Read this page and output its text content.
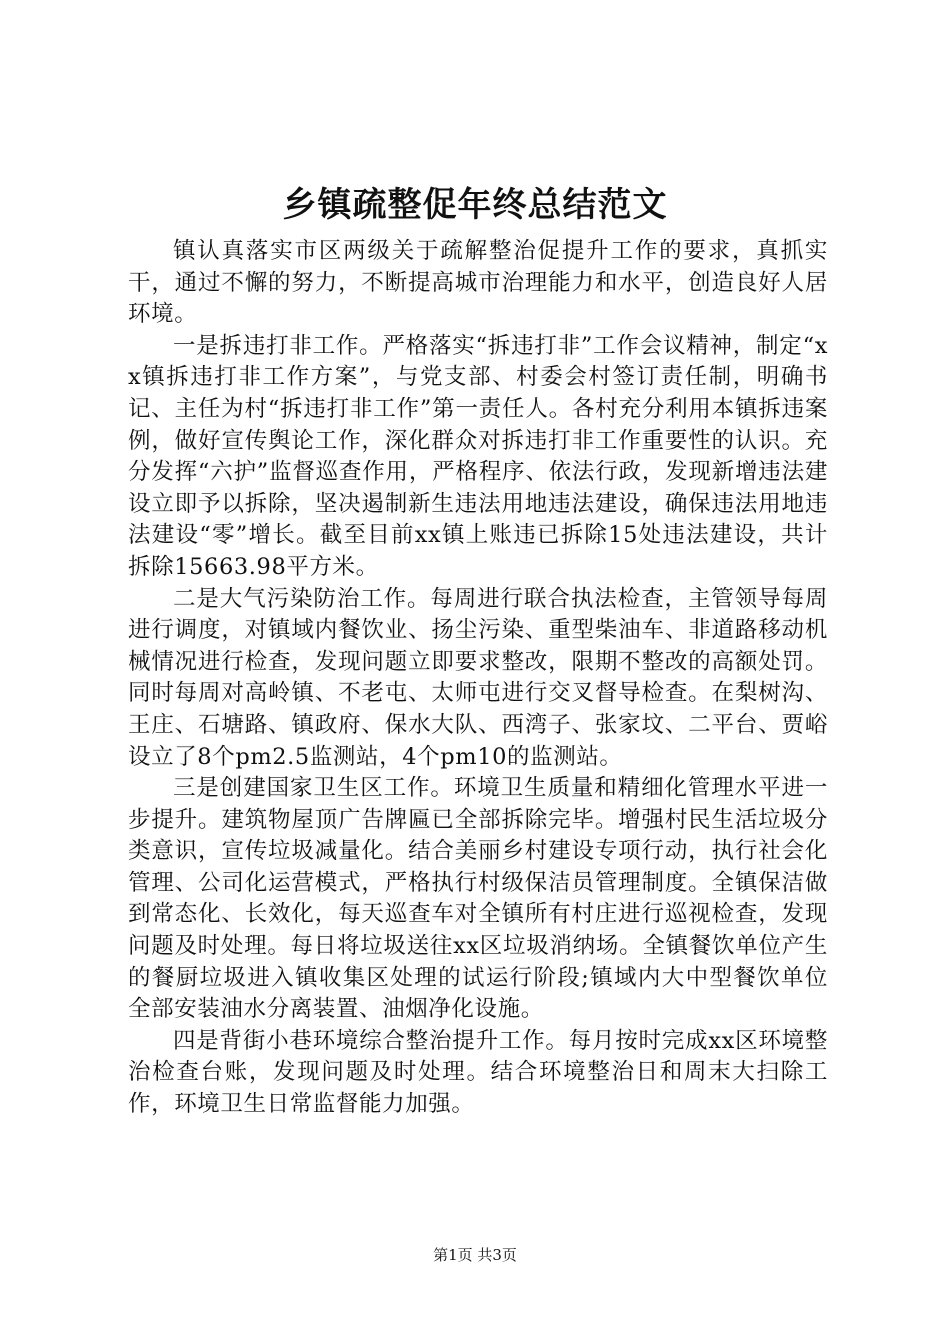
乡镇疏整促年终总结范文

镇认真落实市区两级关于疏解整治促提升工作的要求，真抓实干，通过不懈的努力，不断提高城市治理能力和水平，创造良好人居环境。

一是拆违打非工作。严格落实“拆违打非”工作会议精神，制定“xx镇拆违打非工作方案”，与党支部、村委会村签订责任制，明确书记、主任为村“拆违打非工作”第一责任人。各村充分利用本镇拆违案例，做好宣传舆论工作，深化群众对拆违打非工作重要性的认识。充分发挥“六护”监督巡查作用，严格程序、依法行政，发现新增违法建设立即予以拆除，坚决遏制新生违法用地违法建设，确保违法用地违法建设“零”增长。截至目前xx镇上账违已拆除15处违法建设，共计拆除15663.98平方米。

二是大气污染防治工作。每周进行联合执法检查，主管领导每周进行调度，对镇域内餐饮业、扬尘污染、重型柴油车、非道路移动机械情况进行检查，发现问题立即要求整改，限期不整改的高额处罚。同时每周对高岭镇、不老屯、太师屯进行交叉督导检查。在梨树沟、王庄、石塘路、镇政府、保水大队、西湾子、张家坟、二平台、贾峪设立了8个pm2.5监测站，4个pm10的监测站。

三是创建国家卫生区工作。环境卫生质量和精细化管理水平进一步提升。建筑物屋顶广告牌匾已全部拆除完毕。增强村民生活垃圾分类意识，宣传垃圾减量化。结合美丽乡村建设专项行动，执行社会化管理、公司化运营模式，严格执行村级保洁员管理制度。全镇保洁做到常态化、长效化，每天巡查车对全镇所有村庄进行巡视检查，发现问题及时处理。每日将垃圾送往xx区垃圾消纳场。全镇餐饮单位产生的餐厨垃圾进入镇收集区处理的试运行阶段;镇域内大中型餐饮单位全部安装油水分离装置、油烟净化设施。

四是背街小巷环境综合整治提升工作。每月按时完成xx区环境整治检查台账，发现问题及时处理。结合环境整治日和周末大扫除工作，环境卫生日常监督能力加强。

第1页 共3页
